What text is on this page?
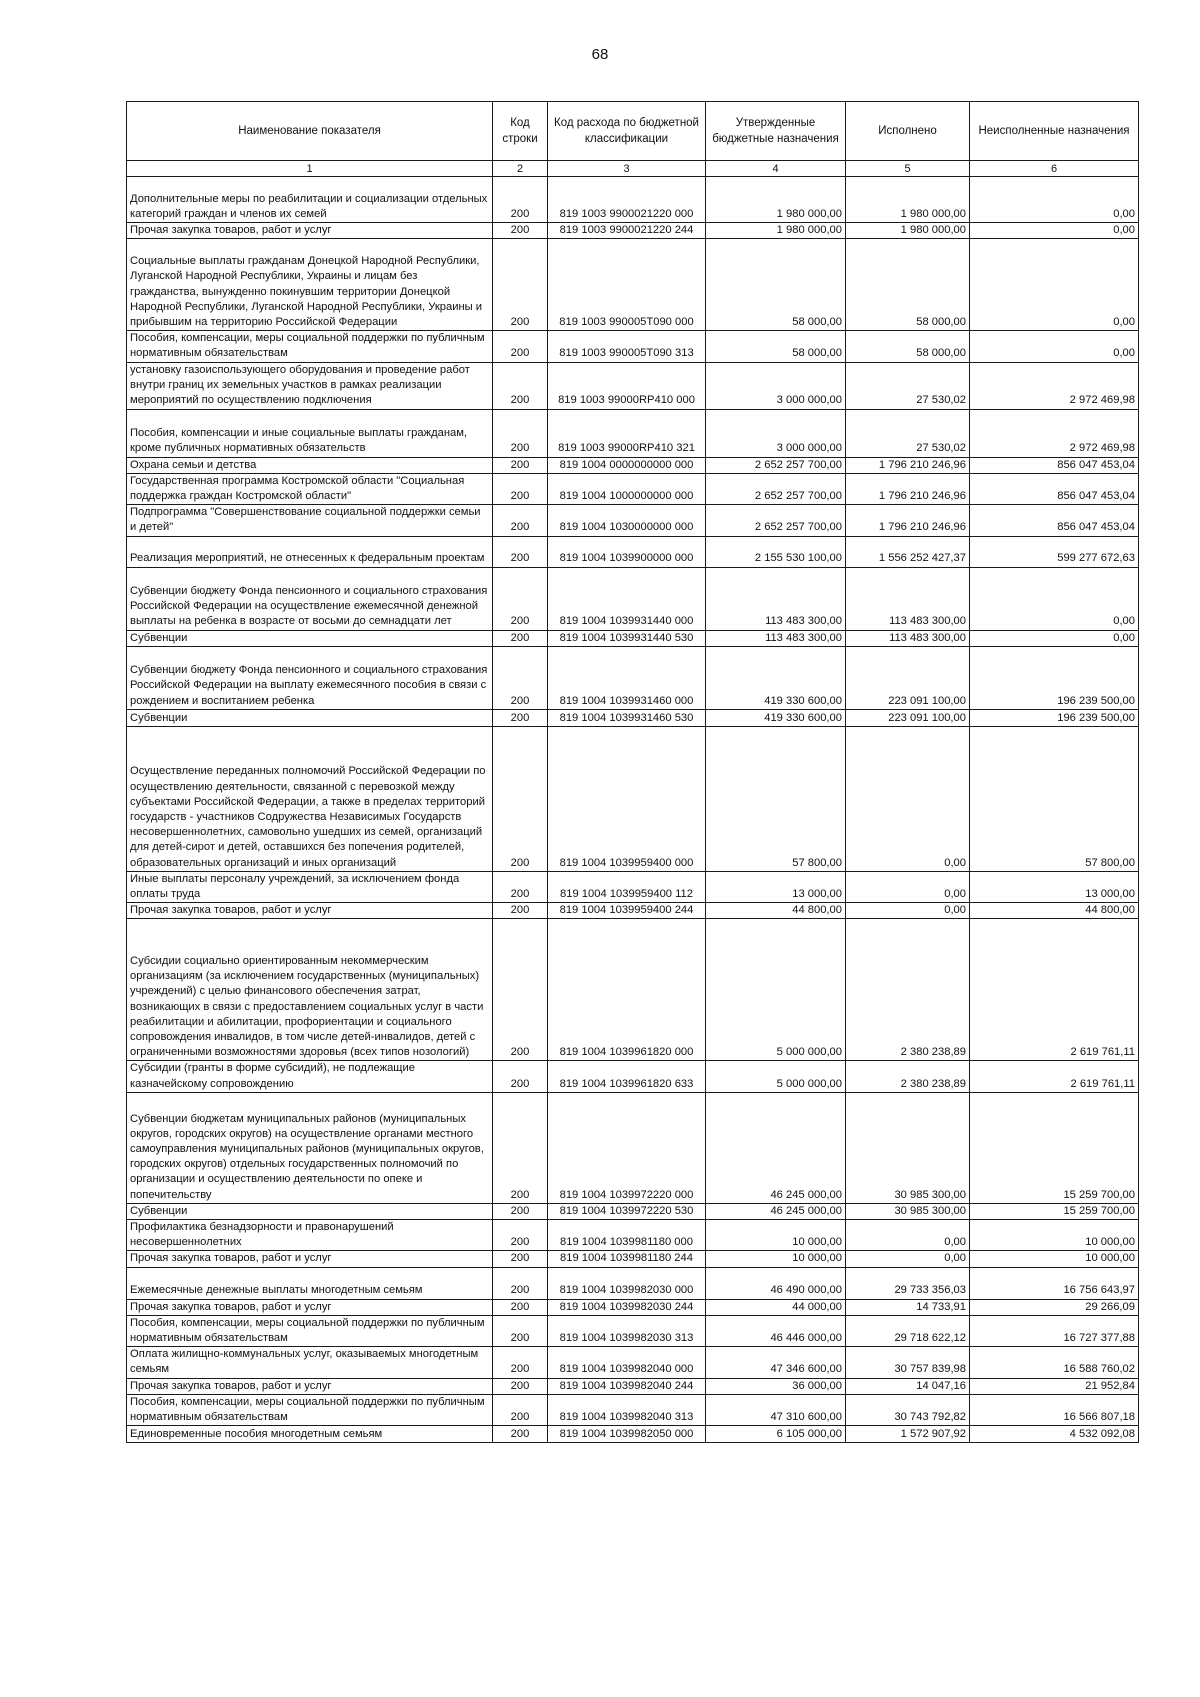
68
Наименование показателя	Код строки	Код расхода по бюджетной классификации	Утвержденные бюджетные назначения	Исполнено	Неисполненные назначения
1	2	3	4	5	6
Дополнительные меры по реабилитации и социализации отдельных категорий граждан и членов их семей	200	819 1003 9900021220 000	1 980 000,00	1 980 000,00	0,00
Прочая закупка товаров, работ и услуг	200	819 1003 9900021220 244	1 980 000,00	1 980 000,00	0,00
Социальные выплаты гражданам Донецкой Народной Республики, Луганской Народной Республики, Украины и лицам без гражданства, вынужденно покинувшим территории Донецкой Народной Республики, Луганской Народной Республики, Украины и прибывшим на территорию Российской Федерации	200	819 1003 990005Т090 000	58 000,00	58 000,00	0,00
Пособия, компенсации, меры социальной поддержки по публичным нормативным обязательствам	200	819 1003 990005Т090 313	58 000,00	58 000,00	0,00
установку газоиспользующего оборудования и проведение работ внутри границ их земельных участков в рамках реализации мероприятий по осуществлению подключения	200	819 1003 99000RP410 000	3 000 000,00	27 530,02	2 972 469,98
Пособия, компенсации и иные социальные выплаты гражданам, кроме публичных нормативных обязательств	200	819 1003 99000RP410 321	3 000 000,00	27 530,02	2 972 469,98
Охрана семьи и детства	200	819 1004 0000000000 000	2 652 257 700,00	1 796 210 246,96	856 047 453,04
Государственная программа Костромской области "Социальная поддержка граждан Костромской области"	200	819 1004 1000000000 000	2 652 257 700,00	1 796 210 246,96	856 047 453,04
Подпрограмма "Совершенствование социальной поддержки семьи и детей"	200	819 1004 1030000000 000	2 652 257 700,00	1 796 210 246,96	856 047 453,04
Реализация мероприятий, не отнесенных к федеральным проектам	200	819 1004 1039900000 000	2 155 530 100,00	1 556 252 427,37	599 277 672,63
Субвенции бюджету Фонда пенсионного и социального страхования Российской Федерации на осуществление ежемесячной денежной выплаты на ребенка в возрасте от восьми до семнадцати лет	200	819 1004 1039931440 000	113 483 300,00	113 483 300,00	0,00
Субвенции	200	819 1004 1039931440 530	113 483 300,00	113 483 300,00	0,00
Субвенции бюджету Фонда пенсионного и социального страхования Российской Федерации на выплату ежемесячного пособия в связи с рождением и воспитанием ребенка	200	819 1004 1039931460 000	419 330 600,00	223 091 100,00	196 239 500,00
Субвенции	200	819 1004 1039931460 530	419 330 600,00	223 091 100,00	196 239 500,00
Осуществление переданных полномочий Российской Федерации по осуществлению деятельности, связанной с перевозкой между субъектами Российской Федерации, а также в пределах территорий государств - участников Содружества Независимых Государств несовершеннолетних, самовольно ушедших из семей, организаций для детей-сирот и детей, оставшихся без попечения родителей, образовательных организаций и иных организаций	200	819 1004 1039959400 000	57 800,00	0,00	57 800,00
Иные выплаты персоналу учреждений, за исключением фонда оплаты труда	200	819 1004 1039959400 112	13 000,00	0,00	13 000,00
Прочая закупка товаров, работ и услуг	200	819 1004 1039959400 244	44 800,00	0,00	44 800,00
Субсидии социально ориентированным некоммерческим организациям (за исключением государственных (муниципальных) учреждений) с целью финансового обеспечения затрат, возникающих в связи с предоставлением социальных услуг в части реабилитации и абилитации, профориентации и социального сопровождения инвалидов, в том числе детей-инвалидов, детей с ограниченными возможностями здоровья (всех типов нозологий)	200	819 1004 1039961820 000	5 000 000,00	2 380 238,89	2 619 761,11
Субсидии (гранты в форме субсидий), не подлежащие казначейскому сопровождению	200	819 1004 1039961820 633	5 000 000,00	2 380 238,89	2 619 761,11
Субвенции бюджетам муниципальных районов (муниципальных округов, городских округов) на осуществление органами местного самоуправления муниципальных районов (муниципальных округов, городских округов) отдельных государственных полномочий по организации и осуществлению деятельности по опеке и попечительству	200	819 1004 1039972220 000	46 245 000,00	30 985 300,00	15 259 700,00
Субвенции	200	819 1004 1039972220 530	46 245 000,00	30 985 300,00	15 259 700,00
Профилактика безнадзорности и правонарушений несовершеннолетних	200	819 1004 1039981180 000	10 000,00	0,00	10 000,00
Прочая закупка товаров, работ и услуг	200	819 1004 1039981180 244	10 000,00	0,00	10 000,00
Ежемесячные денежные выплаты многодетным семьям	200	819 1004 1039982030 000	46 490 000,00	29 733 356,03	16 756 643,97
Прочая закупка товаров, работ и услуг	200	819 1004 1039982030 244	44 000,00	14 733,91	29 266,09
Пособия, компенсации, меры социальной поддержки по публичным нормативным обязательствам	200	819 1004 1039982030 313	46 446 000,00	29 718 622,12	16 727 377,88
Оплата жилищно-коммунальных услуг, оказываемых многодетным семьям	200	819 1004 1039982040 000	47 346 600,00	30 757 839,98	16 588 760,02
Прочая закупка товаров, работ и услуг	200	819 1004 1039982040 244	36 000,00	14 047,16	21 952,84
Пособия, компенсации, меры социальной поддержки по публичным нормативным обязательствам	200	819 1004 1039982040 313	47 310 600,00	30 743 792,82	16 566 807,18
Единовременные пособия многодетным семьям	200	819 1004 1039982050 000	6 105 000,00	1 572 907,92	4 532 092,08
